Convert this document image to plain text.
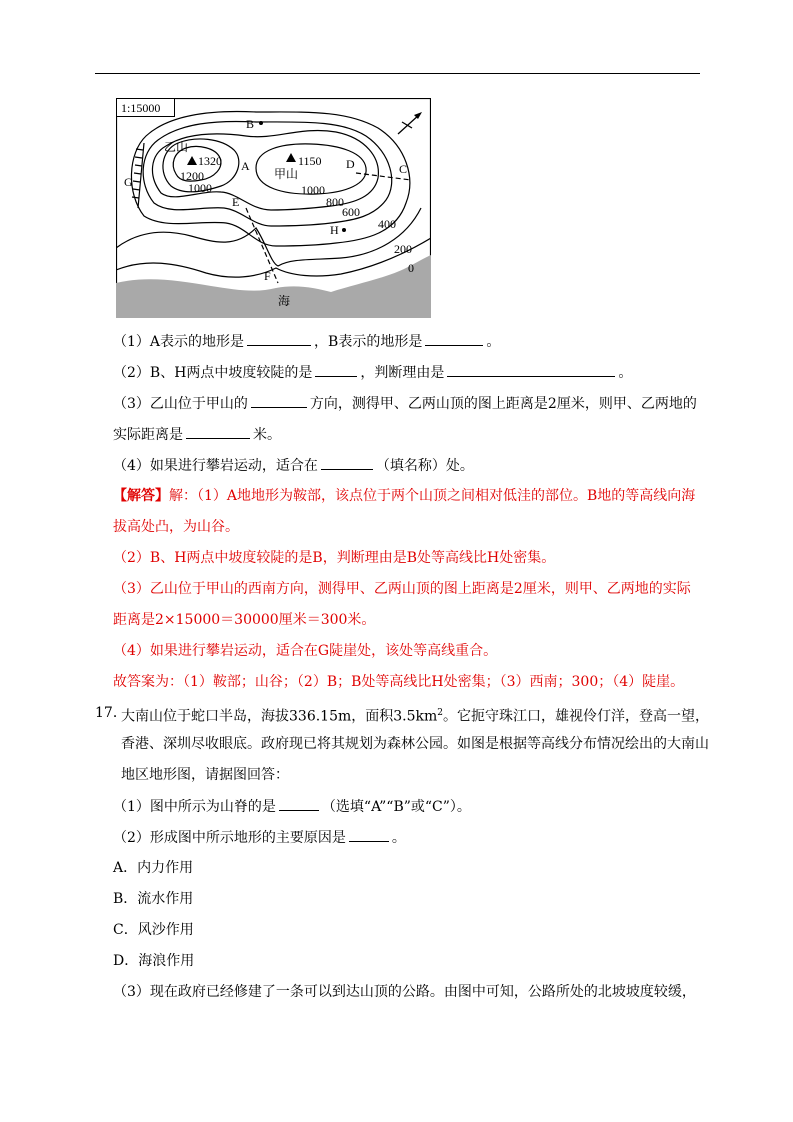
1:15000
B
A	D	C
E
F
G
H
乙山
甲山
海
1320	1150
1200
1000	1000
800
600
400
200
0
（1）A表示的地形是	，B表示的地形是	。
（2）B、H两点中坡度较陡的是	，判断理由是	。
（3）乙山位于甲山的	方向，测得甲、乙两山顶的图上距离是2厘米，则甲、乙两地的
实际距离是	米。
（4）如果进行攀岩运动，适合在	（填名称）处。
【解答】解：（1）A地地形为鞍部，该点位于两个山顶之间相对低洼的部位。B地的等高线向海
拔高处凸，为山谷。
（2）B、H两点中坡度较陡的是B，判断理由是B处等高线比H处密集。
（3）乙山位于甲山的西南方向，测得甲、乙两山顶的图上距离是2厘米，则甲、乙两地的实际
距离是2×15000＝30000厘米＝300米。
（4）如果进行攀岩运动，适合在G陡崖处，该处等高线重合。
故答案为：（1）鞍部；山谷；（2）B；B处等高线比H处密集；（3）西南；300；（4）陡崖。
17．
大南山位于蛇口半岛，海拔336.15m，面积$3.5km^2$。它扼守珠江口，雄视伶仃洋，登高一望，
香港、深圳尽收眼底。政府现已将其规划为森林公园。如图是根据等高线分布情况绘出的大南山
地区地形图，请据图回答：
（1）图中所示为山脊的是	（选填“A”“B”或“C”）。
（2）形成图中所示地形的主要原因是	。
A．内力作用
B．流水作用
C．风沙作用
D．海浪作用
（3）现在政府已经修建了一条可以到达山顶的公路。由图中可知，公路所处的北坡坡度较缓，
